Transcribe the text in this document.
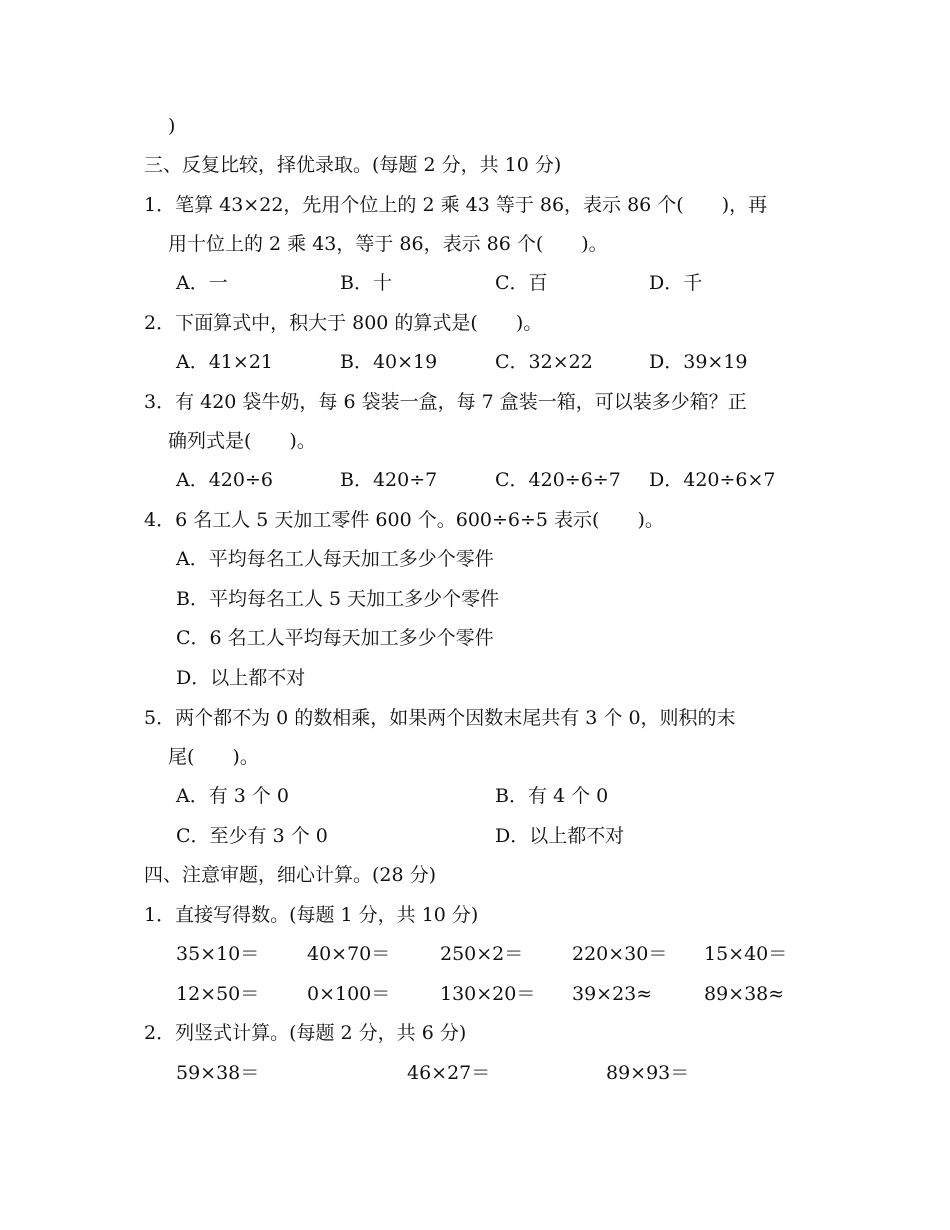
)
三、反复比较，择优录取。(每题 2 分，共 10 分)
1．笔算 43×22，先用个位上的 2 乘 43 等于 86，表示 86 个(　　)，再
用十位上的 2 乘 43，等于 86，表示 86 个(　　)。
A．一	B．十	C．百	D．千
2．下面算式中，积大于 800 的算式是(　　)。
A．41×21	B．40×19	C．32×22	D．39×19
3．有 420 袋牛奶，每 6 袋装一盒，每 7 盒装一箱，可以装多少箱？正
确列式是(　　)。
A．420÷6	B．420÷7	C．420÷6÷7 D．420÷6×7
4．6 名工人 5 天加工零件 600 个。600÷6÷5 表示(　　)。
A．平均每名工人每天加工多少个零件
B．平均每名工人 5 天加工多少个零件
C．6 名工人平均每天加工多少个零件
D．以上都不对
5．两个都不为 0 的数相乘，如果两个因数末尾共有 3 个 0，则积的末
尾(　　)。
A．有 3 个 0	B．有 4 个 0
C．至少有 3 个 0	D．以上都不对
四、注意审题，细心计算。(28 分)
1．直接写得数。(每题 1 分，共 10 分)
35×10＝	40×70＝	250×2＝	220×30＝ 15×40＝
12×50＝	0×100＝	130×20＝ 39×23≈	89×38≈
2．列竖式计算。(每题 2 分，共 6 分)
59×38＝	46×27＝	89×93＝
